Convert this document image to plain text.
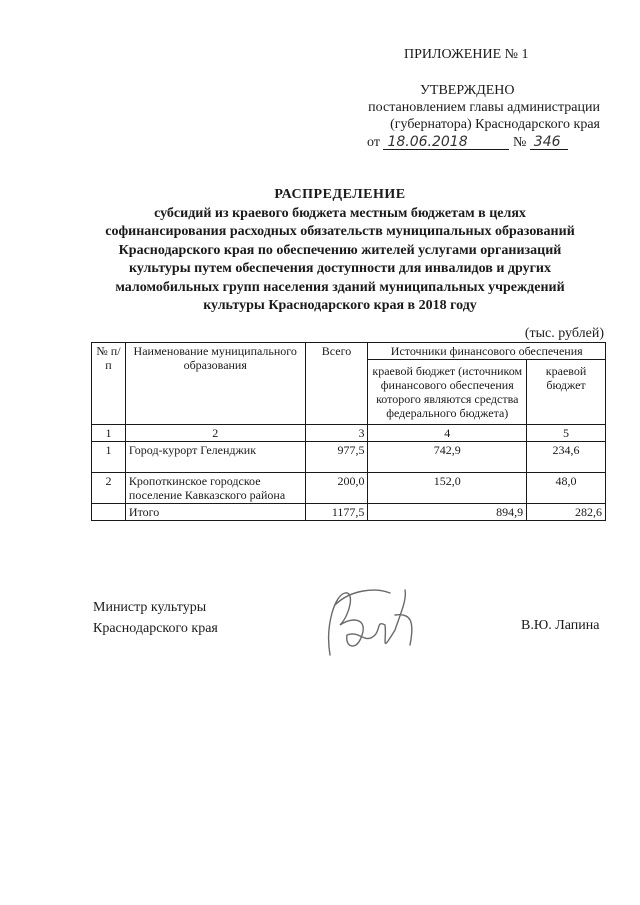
ПРИЛОЖЕНИЕ № 1
УТВЕРЖДЕНО
постановлением главы администрации
(губернатора) Краснодарского края
от 18.06.2018	№ 346
РАСПРЕДЕЛЕНИЕ
субсидий из краевого бюджета местным бюджетам в целях
софинансирования расходных обязательств муниципальных образований
Краснодарского края по обеспечению жителей услугами организаций
культуры путем обеспечения доступности для инвалидов и других
маломобильных групп населения зданий муниципальных учреждений
культуры Краснодарского края в 2018 году
(тыс. рублей)
№ п/п	Наименование муниципального образования	Всего	Источники финансового обеспечения	
			краевой бюджет (источником финансового обеспечения которого являются средства федерального бюджета)	краевой бюджет
1	2	3	4	5
1	Город-курорт Геленджик	977,5	742,9	234,6
2	Кропоткинское городское поселение Кавказского района	200,0	152,0	48,0
	Итого	1177,5	894,9	282,6
Министр культуры
Краснодарского края	В.Ю. Лапина
